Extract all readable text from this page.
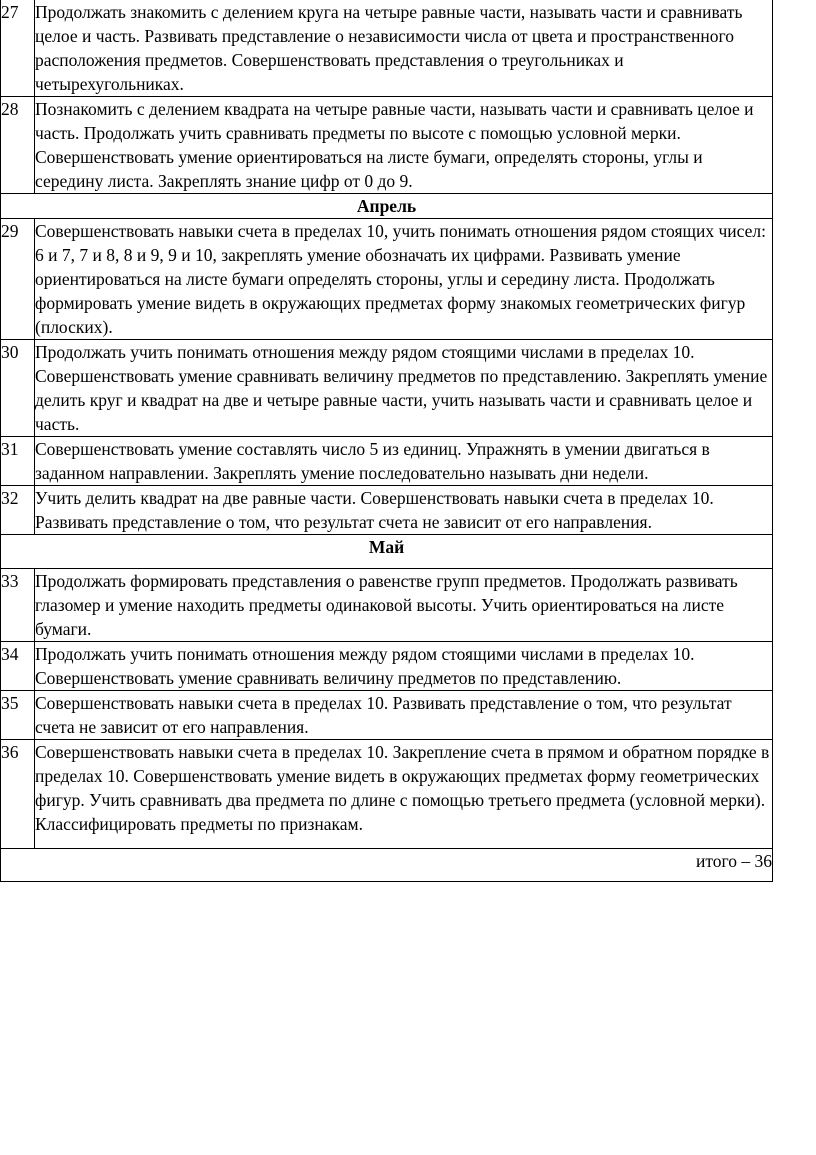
27	Продолжать знакомить с делением круга на четыре равные части, называть части и сравнивать целое и часть. Развивать представление о независимости числа от цвета и пространственного расположения предметов. Совершенствовать представления о треугольниках и четырехугольниках.

28	Познакомить с делением квадрата на четыре равные части, называть части и сравнивать целое и часть. Продолжать учить сравнивать предметы по высоте с помощью условной мерки. Совершенствовать умение ориентироваться на листе бумаги, определять стороны, углы и середину листа. Закреплять знание цифр от 0 до 9.
Апрель	

29	Совершенствовать навыки счета в пределах 10, учить понимать отношения рядом стоящих чисел: 6 и 7, 7 и 8, 8 и 9, 9 и 10, закреплять умение обозначать их цифрами. Развивать умение ориентироваться на листе бумаги определять стороны, углы и середину листа. Продолжать формировать умение видеть в окружающих предметах форму знакомых геометрических фигур (плоских).

30	Продолжать учить понимать отношения между рядом стоящими числами в пределах 10. Совершенствовать умение сравнивать величину предметов по представлению. Закреплять умение делить круг и квадрат на две и четыре равные части, учить называть части и сравнивать целое и часть.

31	Совершенствовать умение составлять число 5 из единиц. Упражнять в умении двигаться в заданном направлении. Закреплять умение последовательно называть дни недели.

32	Учить делить квадрат на две равные части. Совершенствовать навыки счета в пределах 10. Развивать представление о том, что результат счета не зависит от его направления.
Май	

33	Продолжать формировать представления о равенстве групп предметов. Продолжать развивать глазомер и умение находить предметы одинаковой высоты. Учить ориентироваться на листе бумаги.

34	Продолжать учить понимать отношения между рядом стоящими числами в пределах 10. Совершенствовать умение сравнивать величину предметов по представлению.

35	Совершенствовать навыки счета в пределах 10. Развивать представление о том, что результат счета не зависит от его направления.

36	Совершенствовать навыки счета в пределах 10. Закрепление счета в прямом и обратном порядке в пределах 10. Совершенствовать умение видеть в окружающих предметах форму геометрических фигур. Учить сравнивать два предмета по длине с помощью третьего предмета (условной мерки). Классифицировать предметы по признакам.
итого – 36	
